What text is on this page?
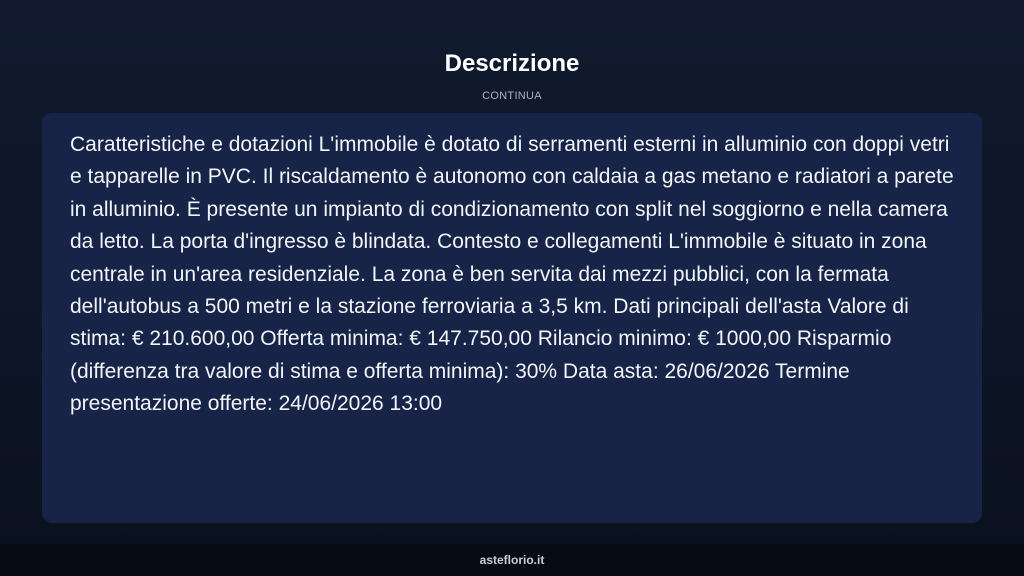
Descrizione
CONTINUA

Caratteristiche e dotazioni L'immobile è dotato di serramenti esterni in alluminio con doppi vetri e tapparelle in PVC. Il riscaldamento è autonomo con caldaia a gas metano e radiatori a parete in alluminio. È presente un impianto di condizionamento con split nel soggiorno e nella camera da letto. La porta d'ingresso è blindata. Contesto e collegamenti L'immobile è situato in zona centrale in un'area residenziale. La zona è ben servita dai mezzi pubblici, con la fermata dell'autobus a 500 metri e la stazione ferroviaria a 3,5 km. Dati principali dell'asta Valore di stima: € 210.600,00 Offerta minima: € 147.750,00 Rilancio minimo: € 1000,00 Risparmio (differenza tra valore di stima e offerta minima): 30% Data asta: 26/06/2026 Termine presentazione offerte: 24/06/2026 13:00

asteflorio.it
